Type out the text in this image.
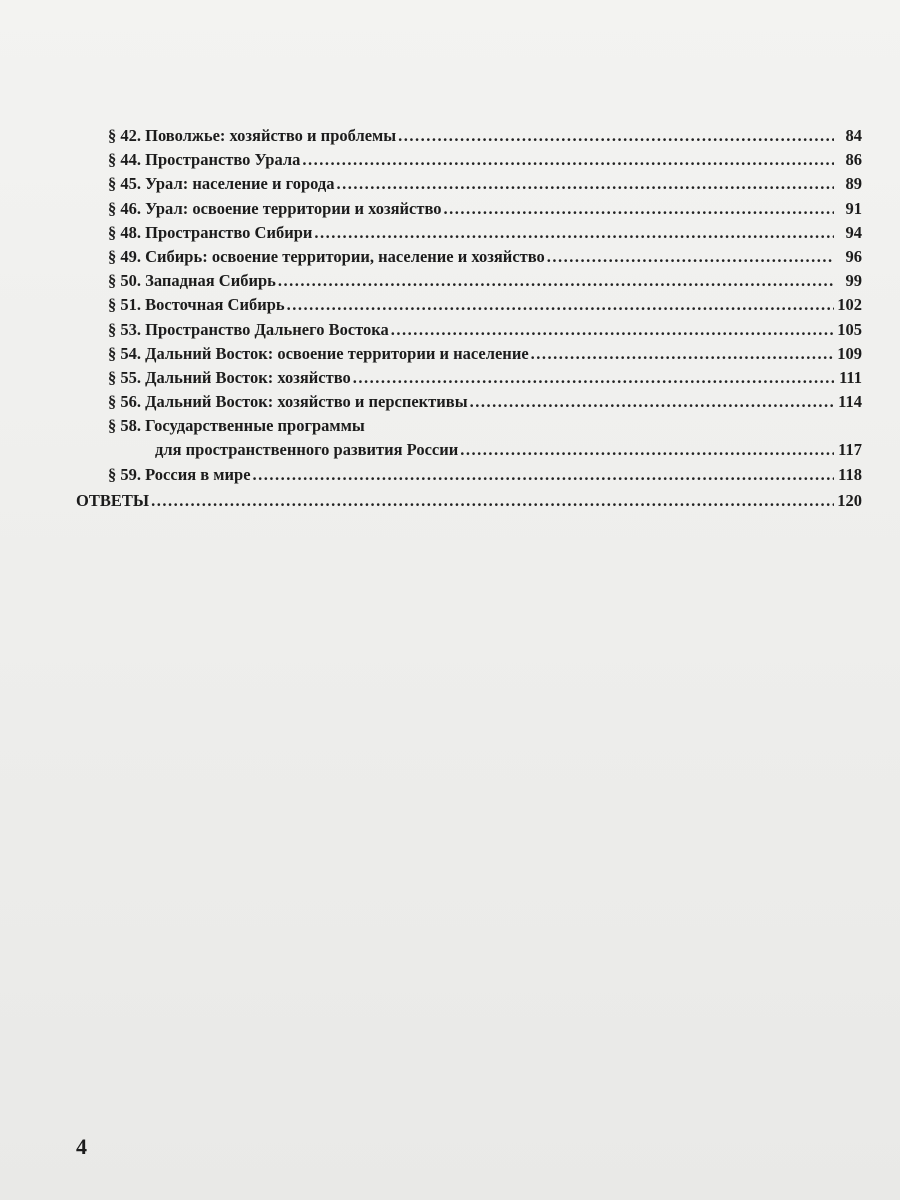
§ 42. Поволжье: хозяйство и проблемы .....	84
§ 44. Пространство Урала .....	86
§ 45. Урал: население и города .....	89
§ 46. Урал: освоение территории и хозяйство .....	91
§ 48. Пространство Сибири .....	94
§ 49. Сибирь: освоение территории, население и хозяйство .....	96
§ 50. Западная Сибирь .....	99
§ 51. Восточная Сибирь .....	102
§ 53. Пространство Дальнего Востока .....	105
§ 54. Дальний Восток: освоение территории и население .....	109
§ 55. Дальний Восток: хозяйство .....	111
§ 56. Дальний Восток: хозяйство и перспективы .....	114
§ 58. Государственные программы
для пространственного развития России .....	117
§ 59. Россия в мире .....	118
ОТВЕТЫ .....	120
4
